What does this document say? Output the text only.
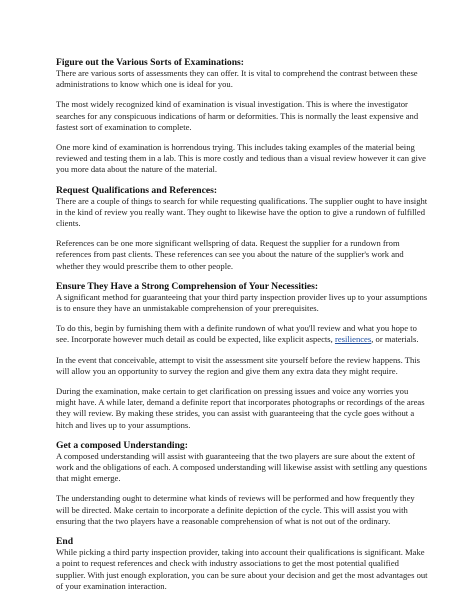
Figure out the Various Sorts of Examinations:

There are various sorts of assessments they can offer. It is vital to comprehend the contrast between these administrations to know which one is ideal for you.

The most widely recognized kind of examination is visual investigation. This is where the investigator searches for any conspicuous indications of harm or deformities. This is normally the least expensive and fastest sort of examination to complete.

One more kind of examination is horrendous trying. This includes taking examples of the material being reviewed and testing them in a lab. This is more costly and tedious than a visual review however it can give you more data about the nature of the material.

Request Qualifications and References:

There are a couple of things to search for while requesting qualifications. The supplier ought to have insight in the kind of review you really want. They ought to likewise have the option to give a rundown of fulfilled clients.

References can be one more significant wellspring of data. Request the supplier for a rundown from references from past clients. These references can see you about the nature of the supplier's work and whether they would prescribe them to other people.

Ensure They Have a Strong Comprehension of Your Necessities:

A significant method for guaranteeing that your third party inspection provider lives up to your assumptions is to ensure they have an unmistakable comprehension of your prerequisites.

To do this, begin by furnishing them with a definite rundown of what you'll review and what you hope to see. Incorporate however much detail as could be expected, like explicit aspects, resiliences, or materials.

In the event that conceivable, attempt to visit the assessment site yourself before the review happens. This will allow you an opportunity to survey the region and give them any extra data they might require.

During the examination, make certain to get clarification on pressing issues and voice any worries you might have. A while later, demand a definite report that incorporates photographs or recordings of the areas they will review. By making these strides, you can assist with guaranteeing that the cycle goes without a hitch and lives up to your assumptions.

Get a composed Understanding:

A composed understanding will assist with guaranteeing that the two players are sure about the extent of work and the obligations of each. A composed understanding will likewise assist with settling any questions that might emerge.

The understanding ought to determine what kinds of reviews will be performed and how frequently they will be directed. Make certain to incorporate a definite depiction of the cycle. This will assist you with ensuring that the two players have a reasonable comprehension of what is not out of the ordinary.

End

While picking a third party inspection provider, taking into account their qualifications is significant. Make a point to request references and check with industry associations to get the most potential qualified supplier. With just enough exploration, you can be sure about your decision and get the most advantages out of your examination interaction.
